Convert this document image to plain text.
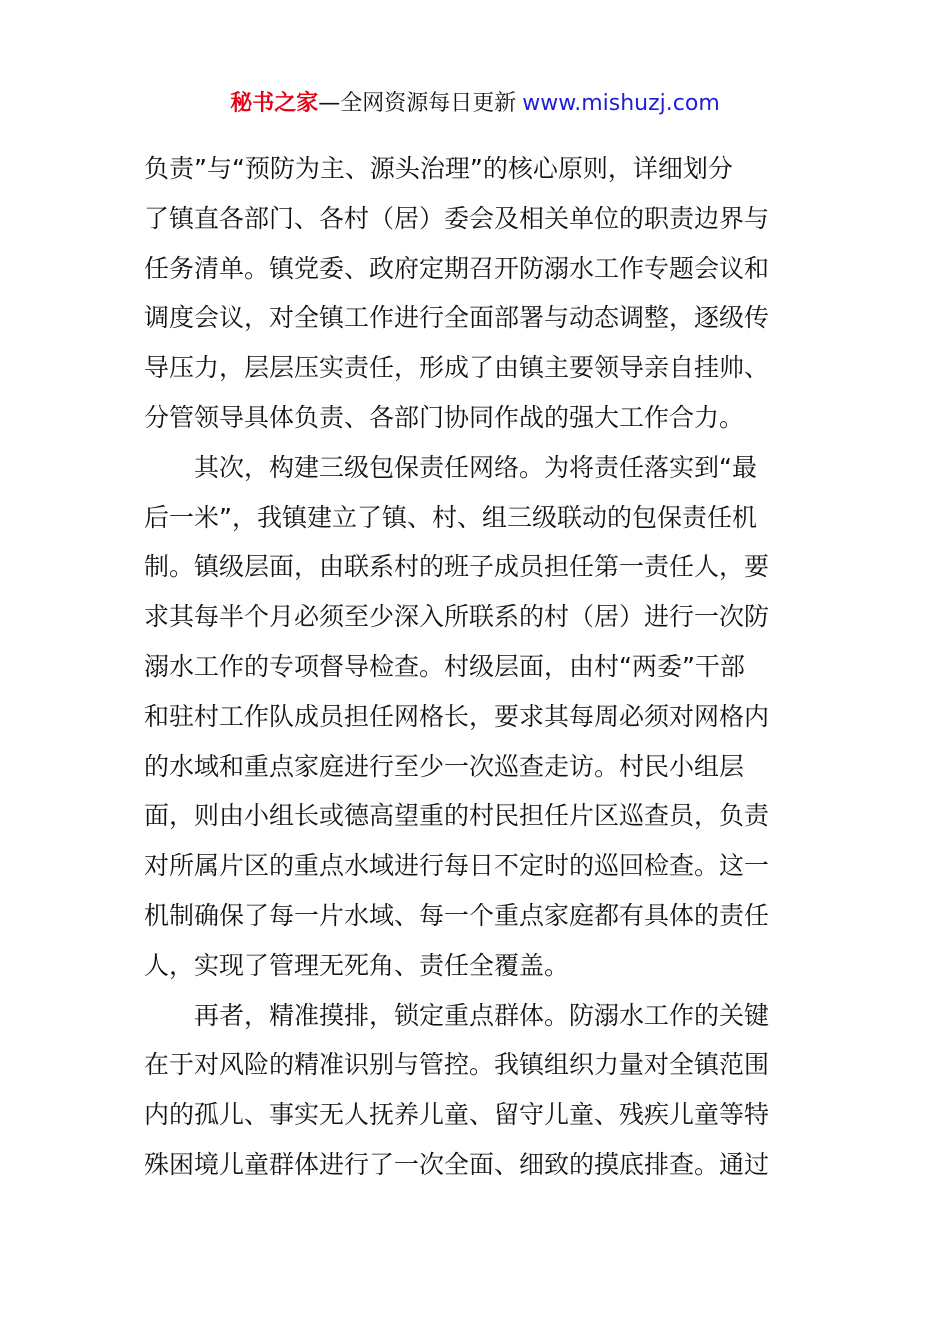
秘书之家—全网资源每日更新 www.mishuzj.com
负责”与“预防为主、源头治理”的核心原则，详细划分
了镇直各部门、各村（居）委会及相关单位的职责边界与
任务清单。镇党委、政府定期召开防溺水工作专题会议和
调度会议，对全镇工作进行全面部署与动态调整，逐级传
导压力，层层压实责任，形成了由镇主要领导亲自挂帅、
分管领导具体负责、各部门协同作战的强大工作合力。
其次，构建三级包保责任网络。为将责任落实到“最
后一米”，我镇建立了镇、村、组三级联动的包保责任机
制。镇级层面，由联系村的班子成员担任第一责任人，要
求其每半个月必须至少深入所联系的村（居）进行一次防
溺水工作的专项督导检查。村级层面，由村“两委”干部
和驻村工作队成员担任网格长，要求其每周必须对网格内
的水域和重点家庭进行至少一次巡查走访。村民小组层
面，则由小组长或德高望重的村民担任片区巡查员，负责
对所属片区的重点水域进行每日不定时的巡回检查。这一
机制确保了每一片水域、每一个重点家庭都有具体的责任
人，实现了管理无死角、责任全覆盖。
再者，精准摸排，锁定重点群体。防溺水工作的关键
在于对风险的精准识别与管控。我镇组织力量对全镇范围
内的孤儿、事实无人抚养儿童、留守儿童、残疾儿童等特
殊困境儿童群体进行了一次全面、细致的摸底排查。通过
